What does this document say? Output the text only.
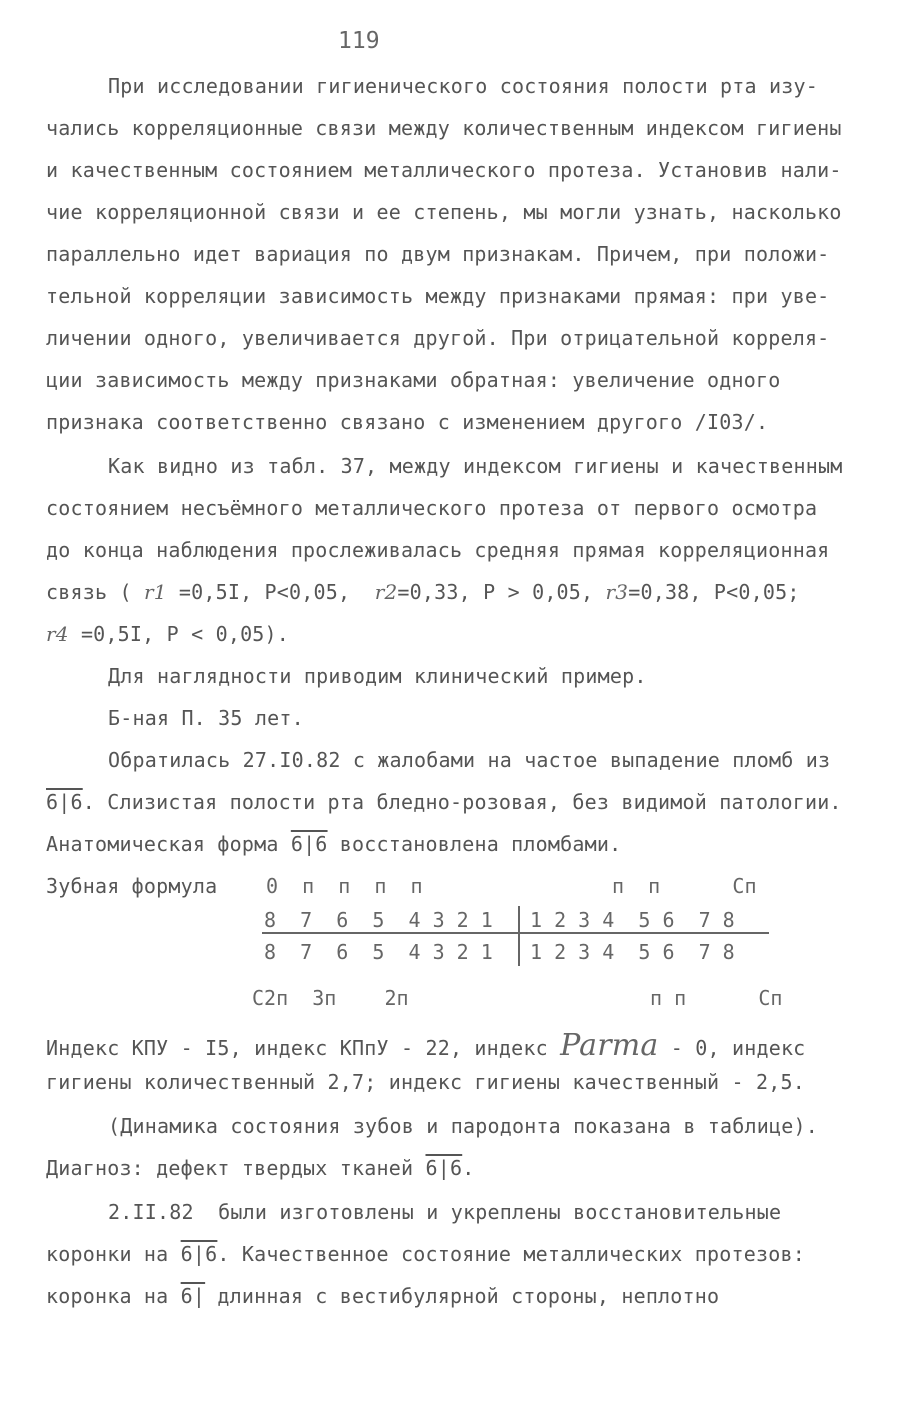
119
При исследовании гигиенического состояния полости рта изу-
чались корреляционные связи между количественным индексом гигиены
и качественным состоянием металлического протеза. Установив нали-
чие корреляционной связи и ее степень, мы могли узнать, насколько
параллельно идет вариация по двум признакам. Причем, при положи-
тельной корреляции зависимость между признаками прямая: при уве-
личении одного, увеличивается другой. При отрицательной корреля-
ции зависимость между признаками обратная: увеличение одного
признака соответственно связано с изменением другого /I03/.
Как видно из табл. 37, между индексом гигиены и качественным
состоянием несъёмного металлического протеза от первого осмотра
до конца наблюдения прослеживалась средняя прямая корреляционная
связь ( r1 =0,5I, P<0,05, r2=0,33, P > 0,05, r3=0,38, P<0,05;
r4 =0,5I, P < 0,05).
Для наглядности приводим клинический пример.
Б-ная П. 35 лет.
Обратилась 27.I0.82 с жалобами на частое выпадение пломб из
6|6. Слизистая полости рта бледно-розовая, без видимой патологии.
Анатомическая форма 6|6 восстановлена пломбами.
Зубная формула 0  п  п  п  п	п  п      Сп
8  7  6  5  4 3 2 1 1 2 3 4  5 6  7 8
8  7  6  5  4 3 2 1 1 2 3 4  5 6  7 8
С2п  Зп    2п	п п      Сп
Индекс КПУ - I5, индекс КПпУ - 22, индекс Parma - 0, индекс
гигиены количественный 2,7; индекс гигиены качественный - 2,5.
(Динамика состояния зубов и пародонта показана в таблице).
Диагноз: дефект твердых тканей 6|6.
2.II.82  были изготовлены и укреплены восстановительные
коронки на 6|6. Качественное состояние металлических протезов:
коронка на 6| длинная с вестибулярной стороны, неплотно
